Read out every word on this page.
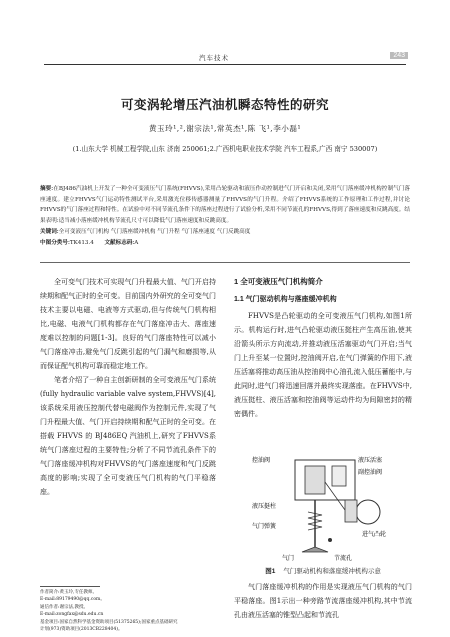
汽车技术	243
可变涡轮增压汽油机瞬态特性的研究
黄玉玲¹,²,谢宗法¹,常英杰¹,陈 飞¹,李小磊¹
(1.山东大学 机械工程学院,山东 济南 250061;2.广西机电职业技术学院 汽车工程系,广西 南宁 530007)
摘要:在BJ486汽油机上开发了一种全可变液压气门系统(FHVVS),采用凸轮驱动和液压作动控制进气门开启和关闭,采用气门落座缓冲机构控制气门落座速度。建立FHVVS气门运动特性测试平台,采用激光位移传感器测量了FHVVS的气门升程。介绍了FHVVS系统的工作原理和工作过程,并讨论FHVVS的气门落座过程和特性。在试验中对不同节流孔条件下的落座过程进行了试验分析,采用不同节流孔的FHVVS,得到了落座速度和反跳高度。结果表明:适当减小落座缓冲机构节流孔尺寸可以降低气门落座速度和反跳高度。
关键词:全可变液压气门机构 气门落座缓冲机构 气门升程 气门落座速度 气门反跳高度
中图分类号:TK413.4 文献标志码:A

全可变气门技术可实现气门升程最大值、气门开启持续期和配气正时的全可变。目前国内外研究的全可变气门技术主要以电磁、电液等方式驱动,但与传统气门机构相比,电磁、电液气门机构都存在气门落座冲击大、落座速度难以控制的问题[1-3]。良好的气门落座特性可以减小气门落座冲击,避免气门反跳引起的气门漏气和磨损等,从而保证配气机构可靠而稳定地工作。

笔者介绍了一种自主创新研制的全可变液压气门系统(fully hydraulic variable valve system,FHVVS)[4],该系统采用液压控制代替电磁阀作为控制元件,实现了气门升程最大值、气门开启持续期和配气正时的全可变。在搭载 FHVVS 的 BJ486EQ 汽油机上,研究了FHVVS系统气门落座过程的主要特性;分析了不同节流孔条件下的气门落座缓冲机构对FHVVS的气门落座速度和气门反跳高度的影响;实现了全可变液压气门机构的气门平稳落座。

1 全可变液压气门机构简介
1.1 气门驱动机构与落座缓冲机构

FHVVS是凸轮驱动的全可变液压气门机构,如图1所示。机构运行时,进气凸轮驱动液压挺柱产生高压油,使其沿箭头所示方向流动,并推动液压活塞驱动气门开启;当气门上升至某一位置时,控油阀开启,在气门弹簧的作用下,液压活塞将推动高压油从控油阀中心油孔流入低压蓄能中,与此同时,进气门将迅速回落并最终实现落座。在FHVVS中,液压挺柱、液压活塞和控油阀等运动件均为间隙密封的精密偶件。

控油阀	液压活塞
副控油阀
进气凸轮
液压挺柱
气门弹簧
气门	节流孔
图1 气门驱动机构和落座缓冲机构示意

气门落座缓冲机构的作用是实现液压气门机构的气门平稳落座。图1示出一种旁路节流落座缓冲机构,其中节流孔由液压活塞的锥型凸起和节流孔

作者简介:黄玉玲,专任教师。
E-mail:89179490@qq.com。
通信作者:谢宗法,教授。
E-mail:zongfax@sdu.edu.cn
基金项目:国家自然科学基金资助项目(51375265);国家重点基础研究
计划(973)资助项目(2013CB228404)。
